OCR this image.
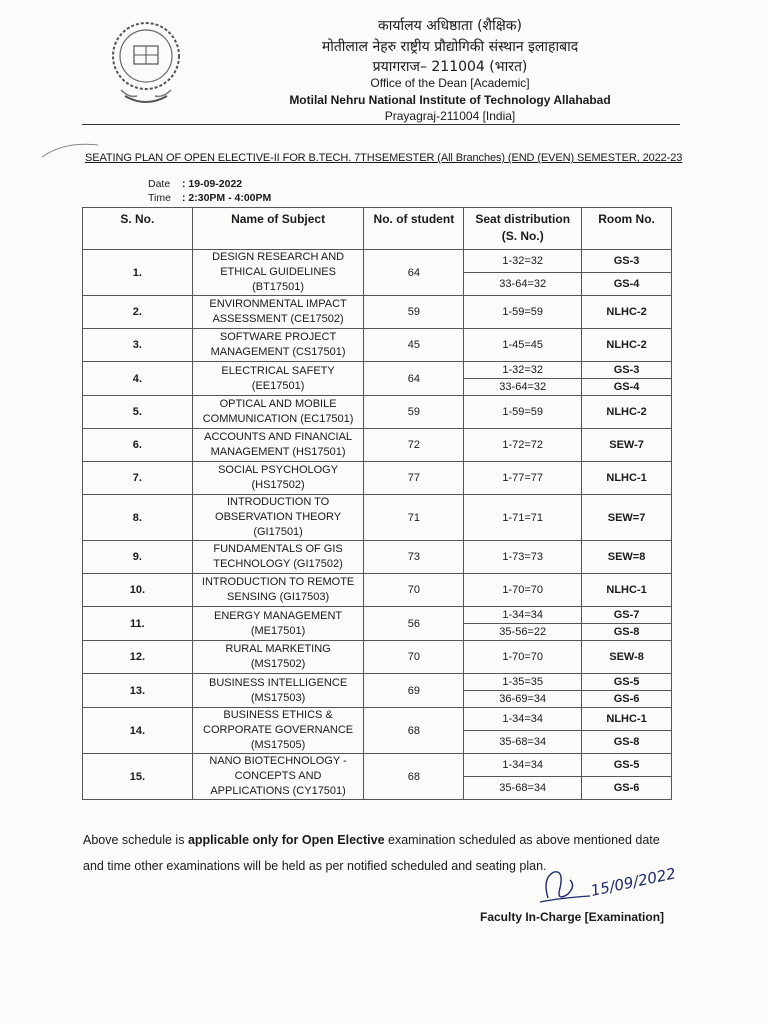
कार्यालय अधिष्ठाता (शैक्षिक)
मोतीलाल नेहरु राष्ट्रीय प्रौद्योगिकी संस्थान इलाहाबाद
प्रयागराज– 211004 (भारत)
Office of the Dean [Academic]
Motilal Nehru National Institute of Technology Allahabad
Prayagraj-211004 [India]
SEATING PLAN OF OPEN ELECTIVE-II FOR B.TECH. 7THSEMESTER (All Branches) (END (EVEN) SEMESTER, 2022-23
Date : 19-09-2022
Time : 2:30PM - 4:00PM
S. No.	Name of Subject	No. of student	Seat distribution (S. No.)	Room No.
1.	DESIGN RESEARCH AND ETHICAL GUIDELINES (BT17501)	64	1-32=32	GS-3
			33-64=32	GS-4
2.	ENVIRONMENTAL IMPACT ASSESSMENT (CE17502)	59	1-59=59	NLHC-2
3.	SOFTWARE PROJECT MANAGEMENT (CS17501)	45	1-45=45	NLHC-2
4.	ELECTRICAL SAFETY (EE17501)	64	1-32=32	GS-3
			33-64=32	GS-4
5.	OPTICAL AND MOBILE COMMUNICATION (EC17501)	59	1-59=59	NLHC-2
6.	ACCOUNTS AND FINANCIAL MANAGEMENT (HS17501)	72	1-72=72	SEW-7
7.	SOCIAL PSYCHOLOGY (HS17502)	77	1-77=77	NLHC-1
8.	INTRODUCTION TO OBSERVATION THEORY (GI17501)	71	1-71=71	SEW=7
9.	FUNDAMENTALS OF GIS TECHNOLOGY (GI17502)	73	1-73=73	SEW=8
10.	INTRODUCTION TO REMOTE SENSING (GI17503)	70	1-70=70	NLHC-1
11.	ENERGY MANAGEMENT (ME17501)	56	1-34=34	GS-7
			35-56=22	GS-8
12.	RURAL MARKETING (MS17502)	70	1-70=70	SEW-8
13.	BUSINESS INTELLIGENCE (MS17503)	69	1-35=35	GS-5
			36-69=34	GS-6
14.	BUSINESS ETHICS & CORPORATE GOVERNANCE (MS17505)	68	1-34=34	NLHC-1
			35-68=34	GS-8
15.	NANO BIOTECHNOLOGY - CONCEPTS AND APPLICATIONS (CY17501)	68	1-34=34	GS-5
			35-68=34	GS-6
Above schedule is applicable only for Open Elective examination scheduled as above mentioned date
and time other examinations will be held as per notified scheduled and seating plan.	15/09/2022
Faculty In-Charge [Examination]
